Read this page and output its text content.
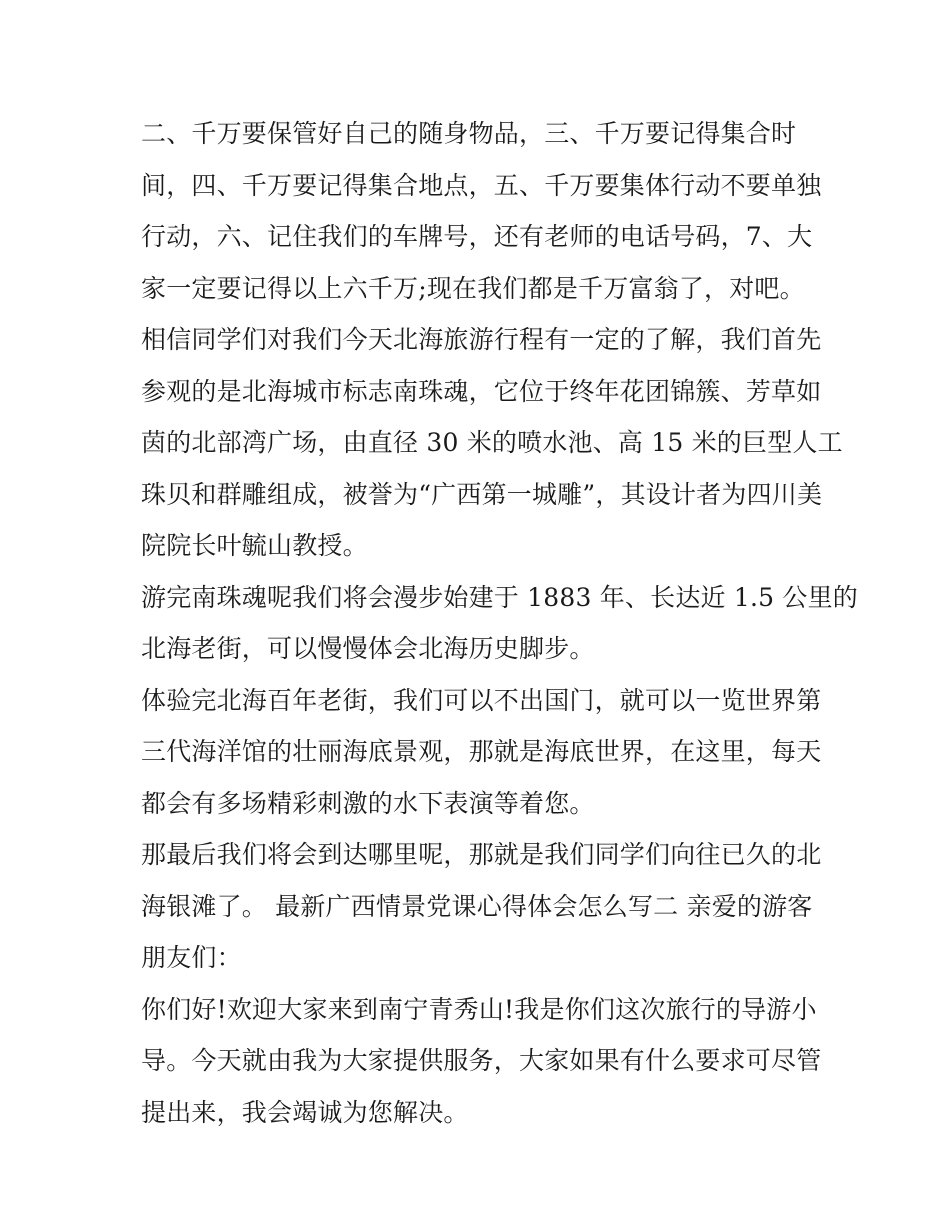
二、千万要保管好自己的随身物品，三、千万要记得集合时
间，四、千万要记得集合地点，五、千万要集体行动不要单独
行动，六、记住我们的车牌号，还有老师的电话号码，7、大
家一定要记得以上六千万;现在我们都是千万富翁了，对吧。
相信同学们对我们今天北海旅游行程有一定的了解，我们首先
参观的是北海城市标志南珠魂，它位于终年花团锦簇、芳草如
茵的北部湾广场，由直径 30 米的喷水池、高 15 米的巨型人工
珠贝和群雕组成，被誉为“广西第一城雕”，其设计者为四川美
院院长叶毓山教授。
游完南珠魂呢我们将会漫步始建于 1883 年、长达近 1.5 公里的
北海老街，可以慢慢体会北海历史脚步。
体验完北海百年老街，我们可以不出国门，就可以一览世界第
三代海洋馆的壮丽海底景观，那就是海底世界，在这里，每天
都会有多场精彩刺激的水下表演等着您。
那最后我们将会到达哪里呢，那就是我们同学们向往已久的北
海银滩了。 最新广西情景党课心得体会怎么写二 亲爱的游客
朋友们：
你们好!欢迎大家来到南宁青秀山!我是你们这次旅行的导游小
导。今天就由我为大家提供服务，大家如果有什么要求可尽管
提出来，我会竭诚为您解决。
